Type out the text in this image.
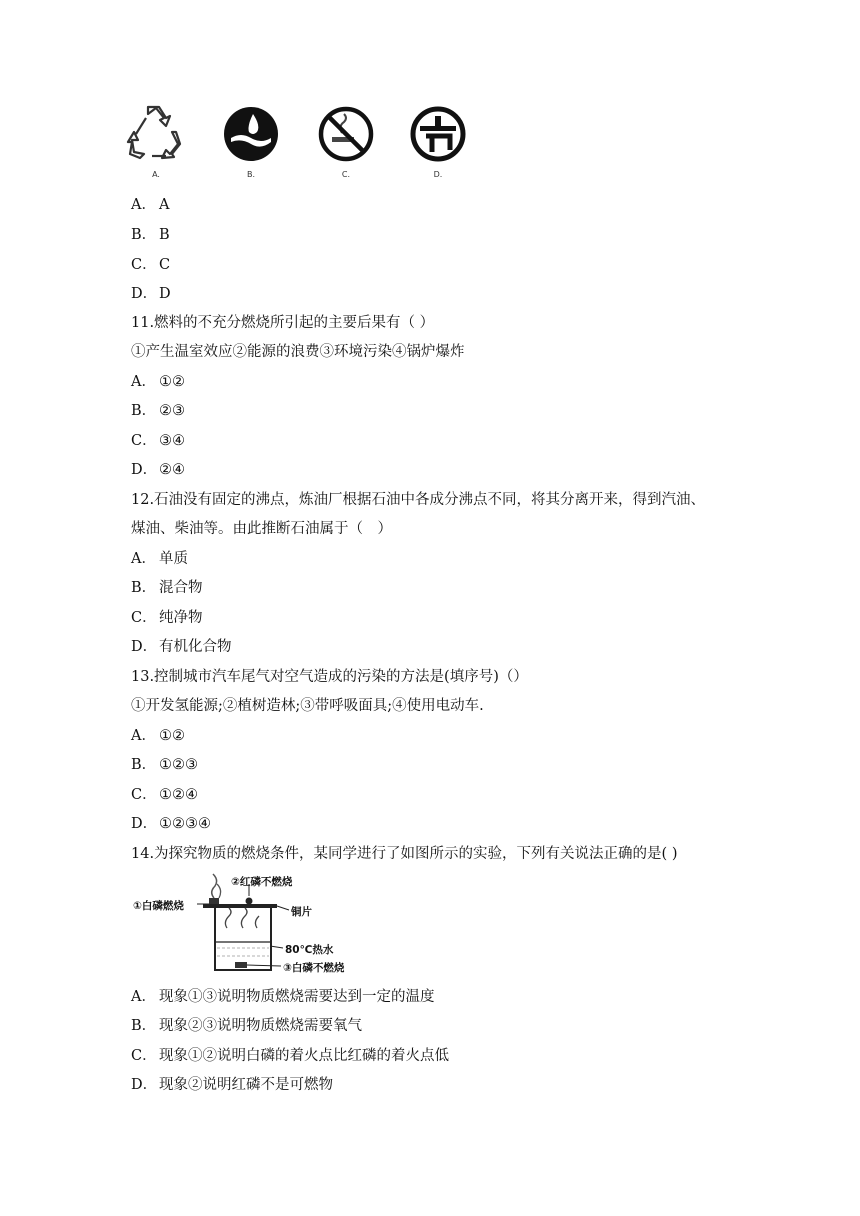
A.	B.	C.	D.
A． A
B． B
C． C
D． D
11.燃料的不充分燃烧所引起的主要后果有（ ）
①产生温室效应②能源的浪费③环境污染④锅炉爆炸
A． ①②
B． ②③
C． ③④
D． ②④
12.石油没有固定的沸点，炼油厂根据石油中各成分沸点不同，将其分离开来，得到汽油、
煤油、柴油等。由此推断石油属于（　）
A． 单质
B． 混合物
C． 纯净物
D． 有机化合物
13.控制城市汽车尾气对空气造成的污染的方法是(填序号)（）
①开发氢能源;②植树造林;③带呼吸面具;④使用电动车.
A． ①②
B． ①②③
C． ①②④
D． ①②③④
14.为探究物质的燃烧条件，某同学进行了如图所示的实验，下列有关说法正确的是( )
②红磷不燃烧
①白磷燃烧	铜片
80℃热水
③白磷不燃烧
A． 现象①③说明物质燃烧需要达到一定的温度
B． 现象②③说明物质燃烧需要氧气
C． 现象①②说明白磷的着火点比红磷的着火点低
D． 现象②说明红磷不是可燃物
